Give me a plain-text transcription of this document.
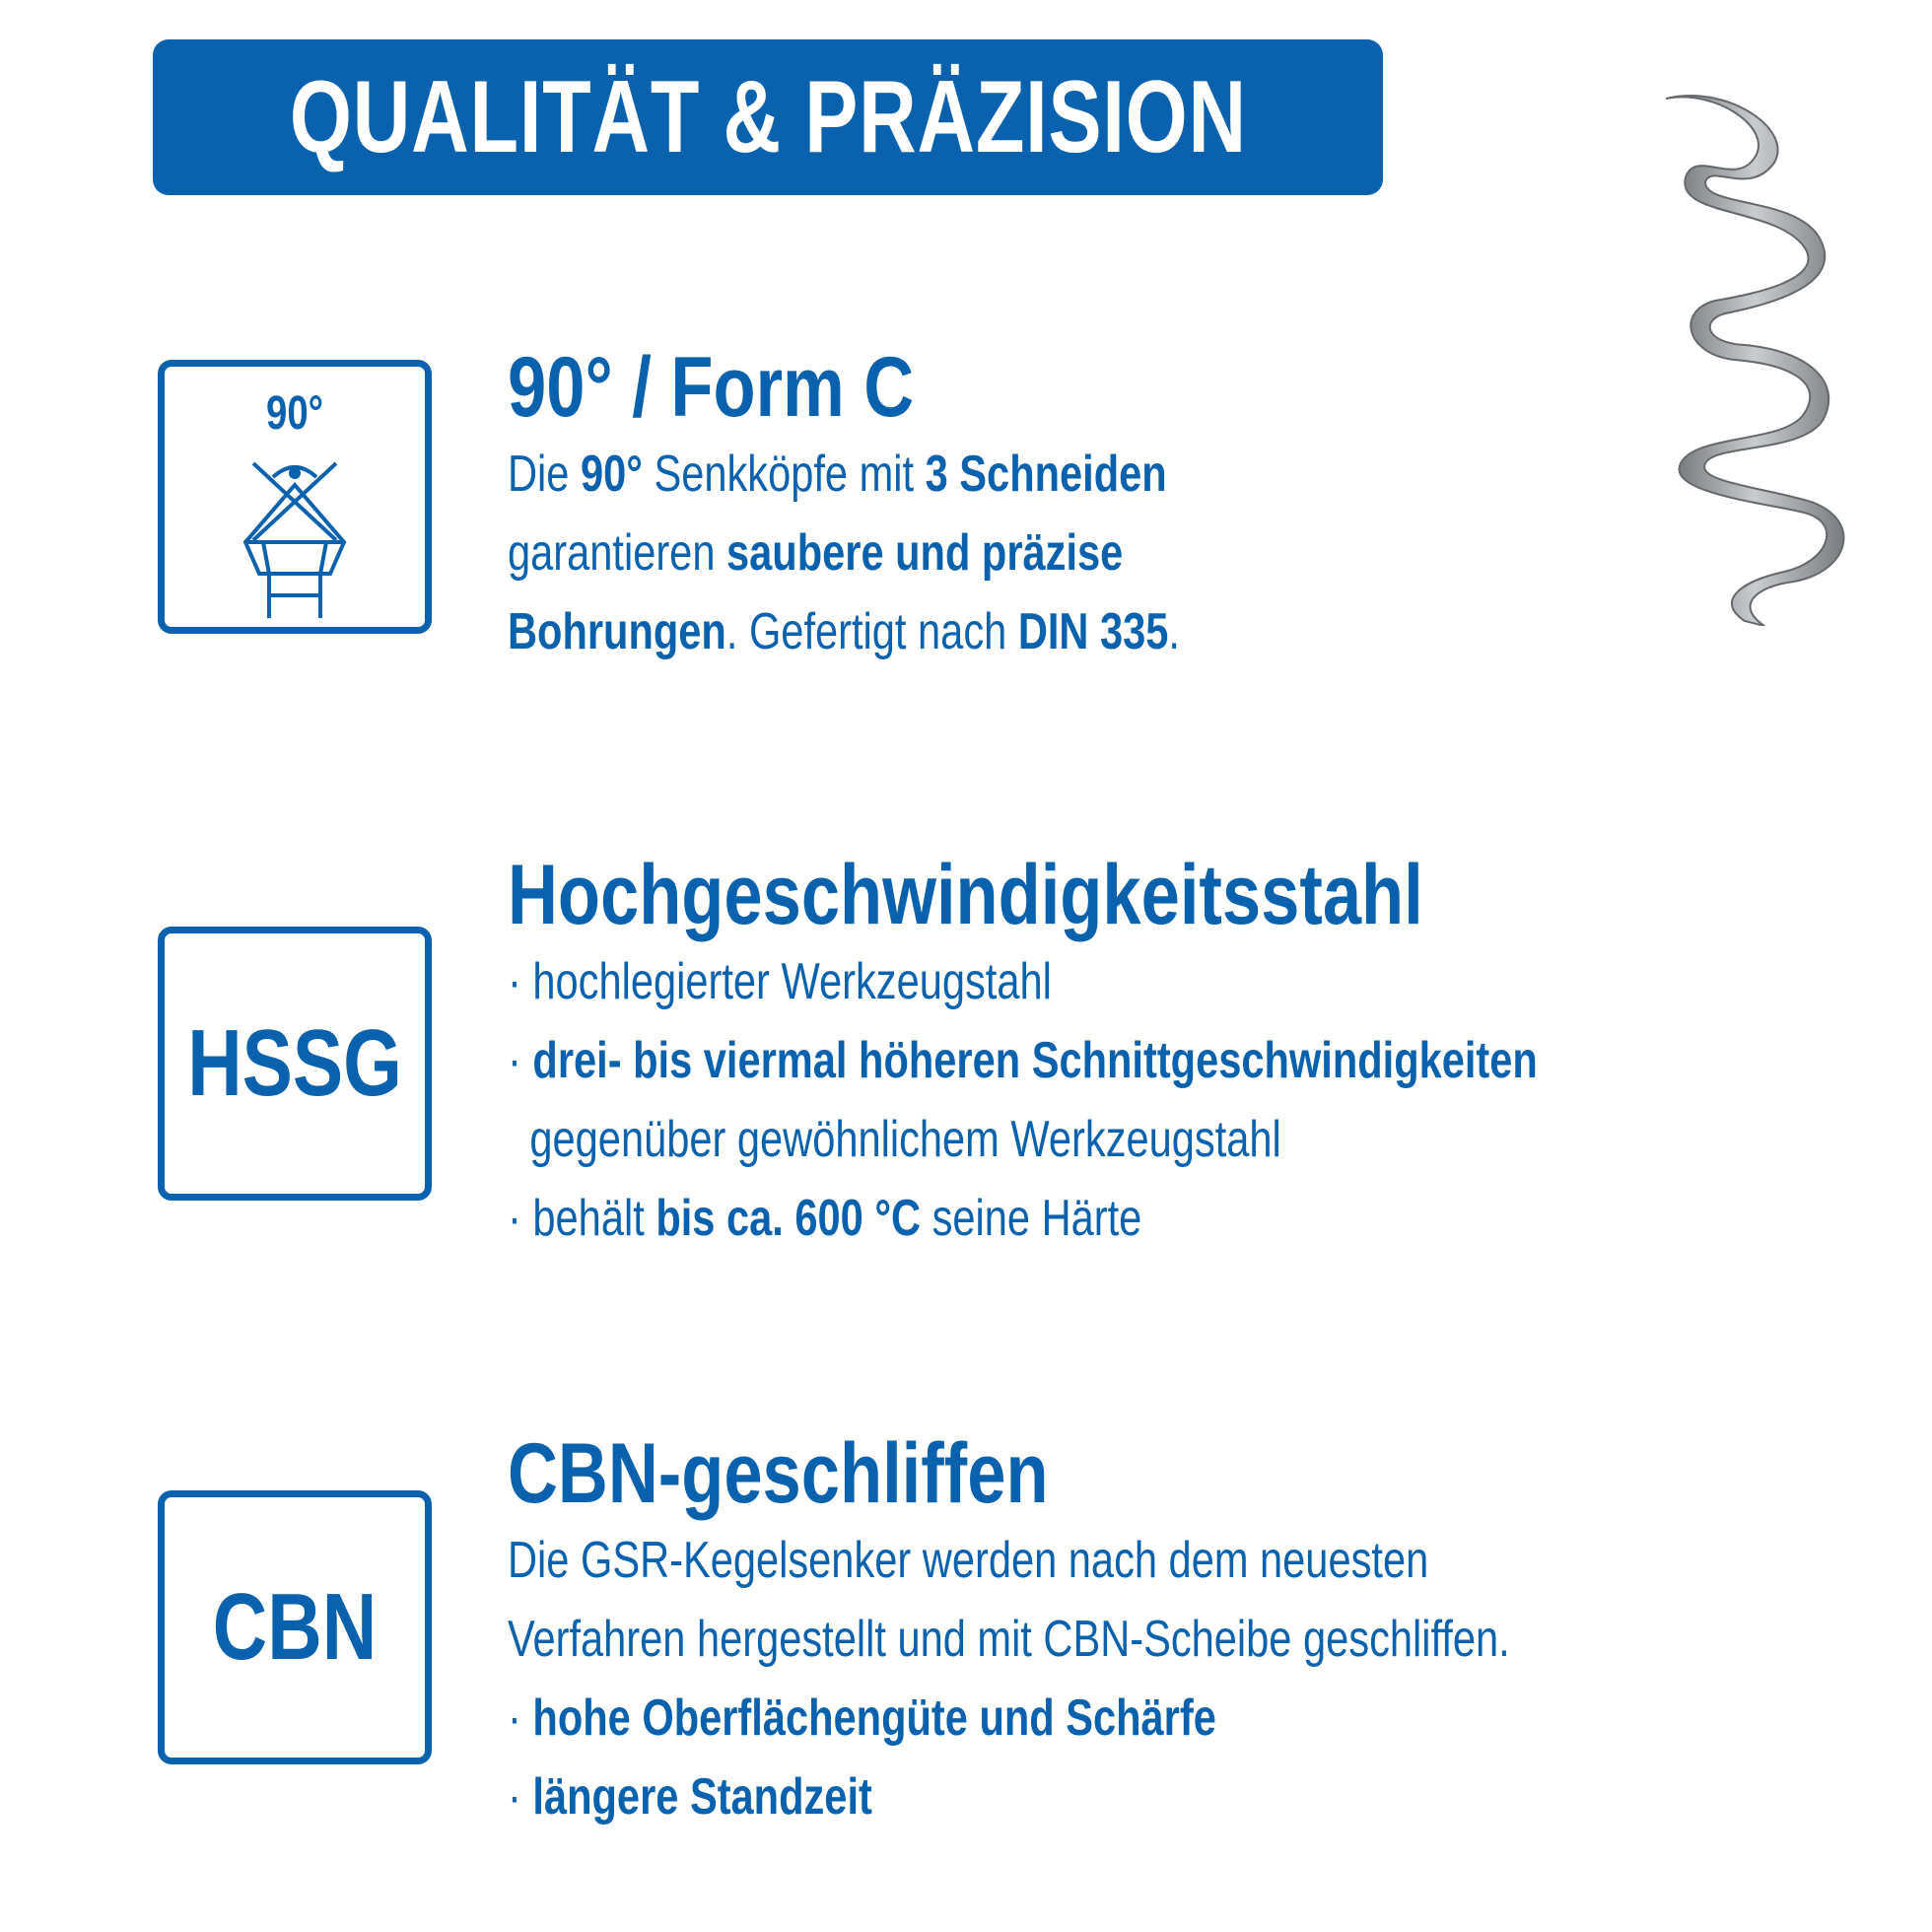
QUALITÄT & PRÄZISION
90°	90° / Form C
Die 90° Senkköpfe mit 3 Schneiden
garantieren saubere und präzise
Bohrungen. Gefertigt nach DIN 335.
HSSG
Hochgeschwindigkeitsstahl
· hochlegierter Werkzeugstahl
· drei- bis viermal höheren Schnittgeschwindigkeiten
gegenüber gewöhnlichem Werkzeugstahl
· behält bis ca. 600 °C seine Härte
CBN
CBN-geschliffen
Die GSR-Kegelsenker werden nach dem neuesten
Verfahren hergestellt und mit CBN-Scheibe geschliffen.
· hohe Oberflächengüte und Schärfe
· längere Standzeit
